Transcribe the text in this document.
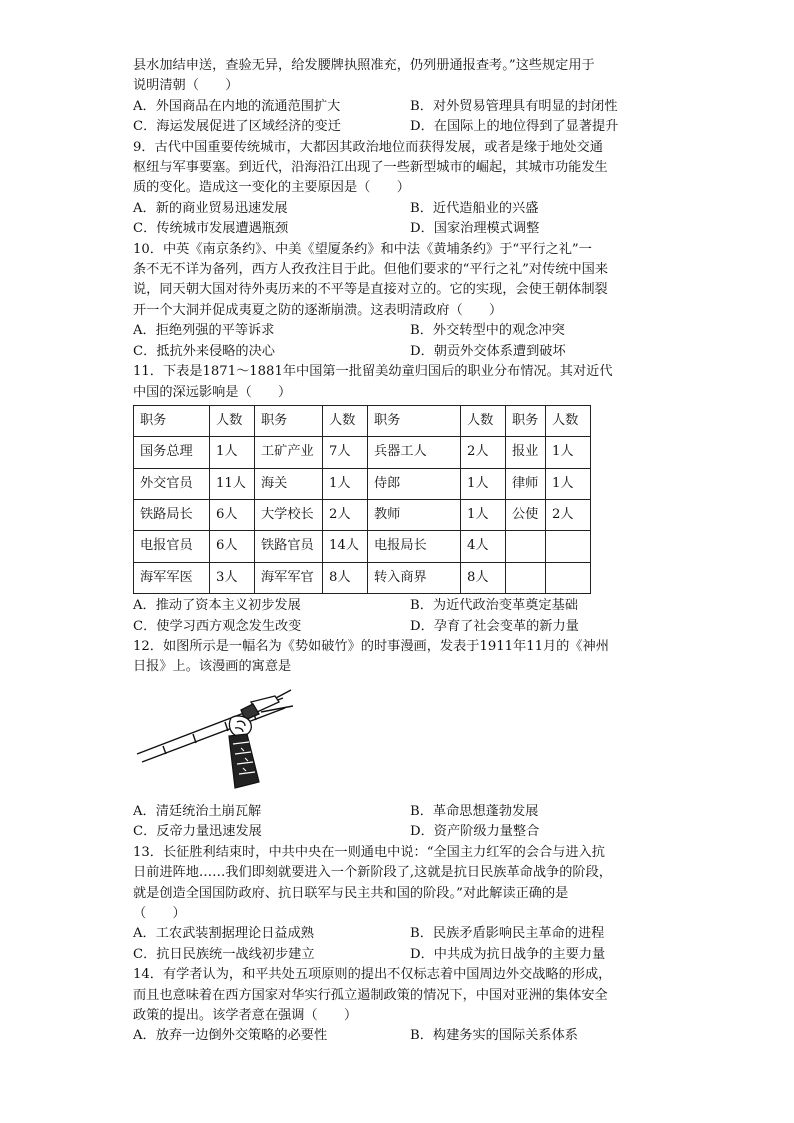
县水加结申送，查验无异，给发腰牌执照准充，仍列册通报查考。”这些规定用于

说明清朝（　　）

A．外国商品在内地的流通范围扩大	B．对外贸易管理具有明显的封闭性
C．海运发展促进了区域经济的变迁	D．在国际上的地位得到了显著提升

9．古代中国重要传统城市，大都因其政治地位而获得发展，或者是缘于地处交通

枢纽与军事要塞。到近代，沿海沿江出现了一些新型城市的崛起，其城市功能发生

质的变化。造成这一变化的主要原因是（　　）

A．新的商业贸易迅速发展	B．近代造船业的兴盛
C．传统城市发展遭遇瓶颈	D．国家治理模式调整

10．中英《南京条约》、中美《望厦条约》和中法《黄埔条约》于“平行之礼”一

条不无不详为备列，西方人孜孜注目于此。但他们要求的“平行之礼”对传统中国来

说，同天朝大国对待外夷历来的不平等是直接对立的。它的实现，会使王朝体制裂

开一个大洞并促成夷夏之防的逐渐崩溃。这表明清政府（　　）

A．拒绝列强的平等诉求	B．外交转型中的观念冲突
C．抵抗外来侵略的决心	D．朝贡外交体系遭到破坏

11．下表是1871～1881年中国第一批留美幼童归国后的职业分布情况。其对近代

中国的深远影响是（　　）

职务	人数	职务	人数	职务	人数	职务	人数
国务总理	1人	工矿产业	7人	兵器工人	2人	报业	1人
外交官员	11人	海关	1人	侍郎	1人	律师	1人
铁路局长	6人	大学校长	2人	教师	1人	公使	2人
电报官员	6人	铁路官员	14人	电报局长	4人		
海军军医	3人	海军军官	8人	转入商界	8人		
A．推动了资本主义初步发展	B．为近代政治变革奠定基础
C．使学习西方观念发生改变	D．孕育了社会变革的新力量

12．如图所示是一幅名为《势如破竹》的时事漫画，发表于1911年11月的《神州

日报》上。该漫画的寓意是

A．清廷统治土崩瓦解	B．革命思想蓬勃发展
C．反帝力量迅速发展	D．资产阶级力量整合

13．长征胜利结束时，中共中央在一则通电中说：“全国主力红军的会合与进入抗

日前进阵地……我们即刻就要进入一个新阶段了,这就是抗日民族革命战争的阶段，

就是创造全国国防政府、抗日联军与民主共和国的阶段。”对此解读正确的是

（　　）

A．工农武装割据理论日益成熟	B．民族矛盾影响民主革命的进程
C．抗日民族统一战线初步建立	D．中共成为抗日战争的主要力量

14．有学者认为，和平共处五项原则的提出不仅标志着中国周边外交战略的形成，

而且也意味着在西方国家对华实行孤立遏制政策的情况下，中国对亚洲的集体安全

政策的提出。该学者意在强调（　　）

A．放弃一边倒外交策略的必要性	B．构建务实的国际关系体系
